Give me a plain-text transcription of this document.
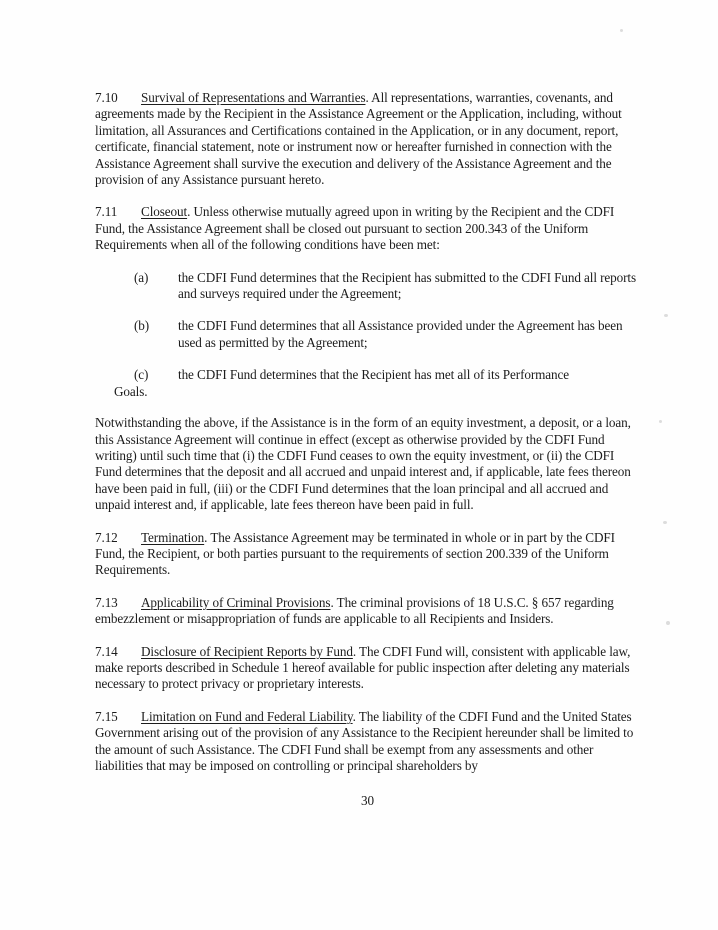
7.10 Survival of Representations and Warranties. All representations, warranties, covenants, and agreements made by the Recipient in the Assistance Agreement or the Application, including, without limitation, all Assurances and Certifications contained in the Application, or in any document, report, certificate, financial statement, note or instrument now or hereafter furnished in connection with the Assistance Agreement shall survive the execution and delivery of the Assistance Agreement and the provision of any Assistance pursuant hereto.

7.11 Closeout. Unless otherwise mutually agreed upon in writing by the Recipient and the CDFI Fund, the Assistance Agreement shall be closed out pursuant to section 200.343 of the Uniform Requirements when all of the following conditions have been met:

(a)	the CDFI Fund determines that the Recipient has submitted to the CDFI Fund all reports and surveys required under the Agreement;
(b)	the CDFI Fund determines that all Assistance provided under the Agreement has been used as permitted by the Agreement;
(c)	the CDFI Fund determines that the Recipient has met all of its Performance
Goals.

Notwithstanding the above, if the Assistance is in the form of an equity investment, a deposit, or a loan, this Assistance Agreement will continue in effect (except as otherwise provided by the CDFI Fund writing) until such time that (i) the CDFI Fund ceases to own the equity investment, or (ii) the CDFI Fund determines that the deposit and all accrued and unpaid interest and, if applicable, late fees thereon have been paid in full, (iii) or the CDFI Fund determines that the loan principal and all accrued and unpaid interest and, if applicable, late fees thereon have been paid in full.

7.12 Termination. The Assistance Agreement may be terminated in whole or in part by the CDFI Fund, the Recipient, or both parties pursuant to the requirements of section 200.339 of the Uniform Requirements.

7.13 Applicability of Criminal Provisions. The criminal provisions of 18 U.S.C. § 657 regarding embezzlement or misappropriation of funds are applicable to all Recipients and Insiders.

7.14 Disclosure of Recipient Reports by Fund. The CDFI Fund will, consistent with applicable law, make reports described in Schedule 1 hereof available for public inspection after deleting any materials necessary to protect privacy or proprietary interests.

7.15 Limitation on Fund and Federal Liability. The liability of the CDFI Fund and the United States Government arising out of the provision of any Assistance to the Recipient hereunder shall be limited to the amount of such Assistance. The CDFI Fund shall be exempt from any assessments and other liabilities that may be imposed on controlling or principal shareholders by

30
